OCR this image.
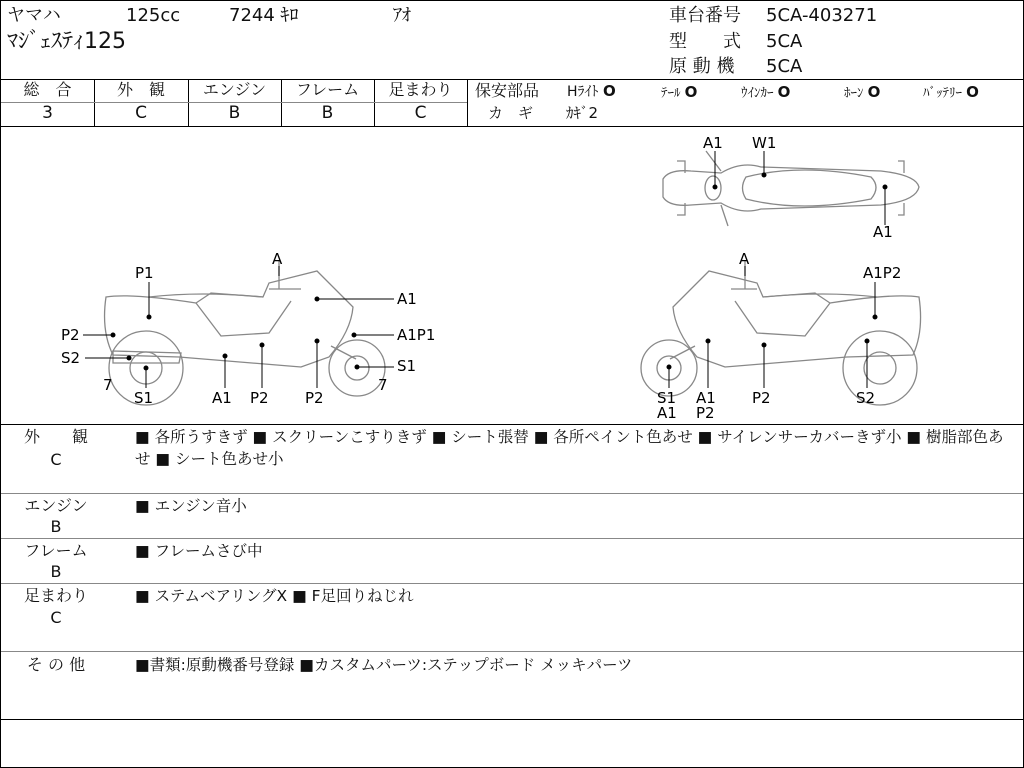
ヤマハ	125cc	7244 ｷﾛ	ｱｵ
ﾏｼﾞｪｽﾃｨ125
車台番号 5CA-403271
型　　式 5CA
原 動 機 5CA
総　合
3
外　観
C
エンジン
B
フレーム
B
足まわり
C
保安部品 Hﾗｲﾄ O	ﾃｰﾙ O	ｳｲﾝｶｰ O	ﾎｰﾝ O	ﾊﾞｯﾃﾘｰ O
カ　ギ ｶｷﾞ2
A1 W1
A1
A
P1
A1
P2	A1P1
S2	S1
7	7
S1	A1 P2 P2
A
A1P2
S1 A1
A1 P2
P2	S2
外　　観
C
■ 各所うすきず ■ スクリーンこすりきず ■ シート張替 ■ 各所ペイント色あせ ■ サイレンサーカバーきず小 ■ 樹脂部色あせ ■ シート色あせ小
エンジン
B
■ エンジン音小
フレーム
B
■ フレームさび中
足まわり
C
■ ステムベアリングX ■ F足回りねじれ
そ の 他	■書類:原動機番号登録 ■カスタムパーツ:ステップボード メッキパーツ
